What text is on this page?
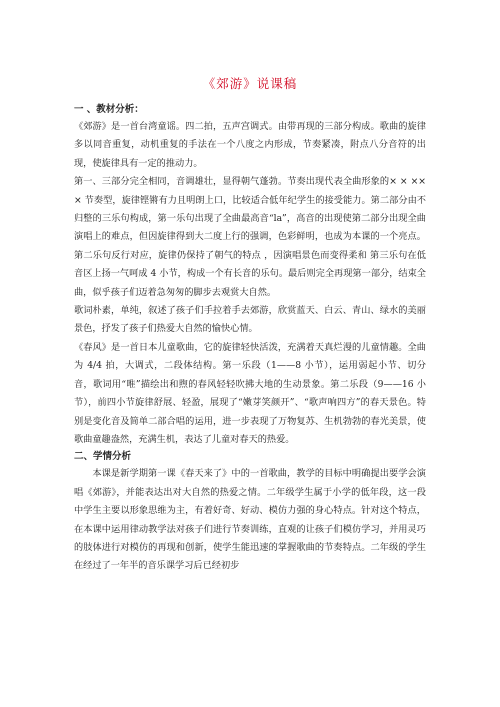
《郊游》说课稿
一 、教材分析：

《郊游》是一首台湾童谣。四二拍，五声宫调式。由带再现的三部分构成。歌曲的旋律多以同音重复，动机重复的手法在一个八度之内形成，节奏紧凑，附点八分音符的出现，使旋律具有一定的推动力。

第一、三部分完全相同，音调雄壮，显得朝气蓬勃。节奏出现代表全曲形象的× × ×× × 节奏型，旋律铿锵有力且明朗上口，比较适合低年纪学生的接受能力。第二部分由不归整的三乐句构成，第一乐句出现了全曲最高音“la”，高音的出现使第二部分出现全曲演唱上的难点，但因旋律得到大二度上行的强调，色彩鲜明，也成为本课的一个亮点。第二乐句反行对应，旋律仍保持了朝气的特点 ，因演唱景色而变得柔和 第三乐句在低音区上扬一气呵成 4 小节，构成一个有长音的乐句。最后则完全再现第一部分，结束全曲，似乎孩子们迈着急匆匆的脚步去观赏大自然。

歌词朴素，单纯，叙述了孩子们手拉着手去郊游，欣赏蓝天、白云、青山、绿水的美丽景色，抒发了孩子们热爱大自然的愉快心情。

《春风》是一首日本儿童歌曲，它的旋律轻快活泼，充满着天真烂漫的儿童情趣。全曲为 4/4 拍，大调式，二段体结构。第一乐段（1——8 小节），运用弱起小节、切分音，歌词用“唯”描绘出和煦的春风轻轻吹拂大地的生动景象。第二乐段（9——16 小节），前四小节旋律舒展、轻盈，展现了“嫩芽笑颜开”、“歌声响四方”的春天景色。特别是变化音及简单二部合唱的运用，进一步表现了万物复苏、生机勃勃的春光美景，使歌曲童趣盎然，充满生机，表达了儿童对春天的热爱。

二、学情分析

本课是新学期第一课《春天来了》中的一首歌曲，教学的目标中明确提出要学会演唱《郊游》，并能表达出对大自然的热爱之情。二年级学生属于小学的低年段，这一段中学生主要以形象思维为主，有着好奇、好动、模仿力强的身心特点。针对这个特点，在本课中运用律动教学法对孩子们进行节奏训练，直观的让孩子们模仿学习，并用灵巧的肢体进行对模仿的再现和创新，使学生能迅速的掌握歌曲的节奏特点。二年级的学生在经过了一年半的音乐课学习后已经初步
